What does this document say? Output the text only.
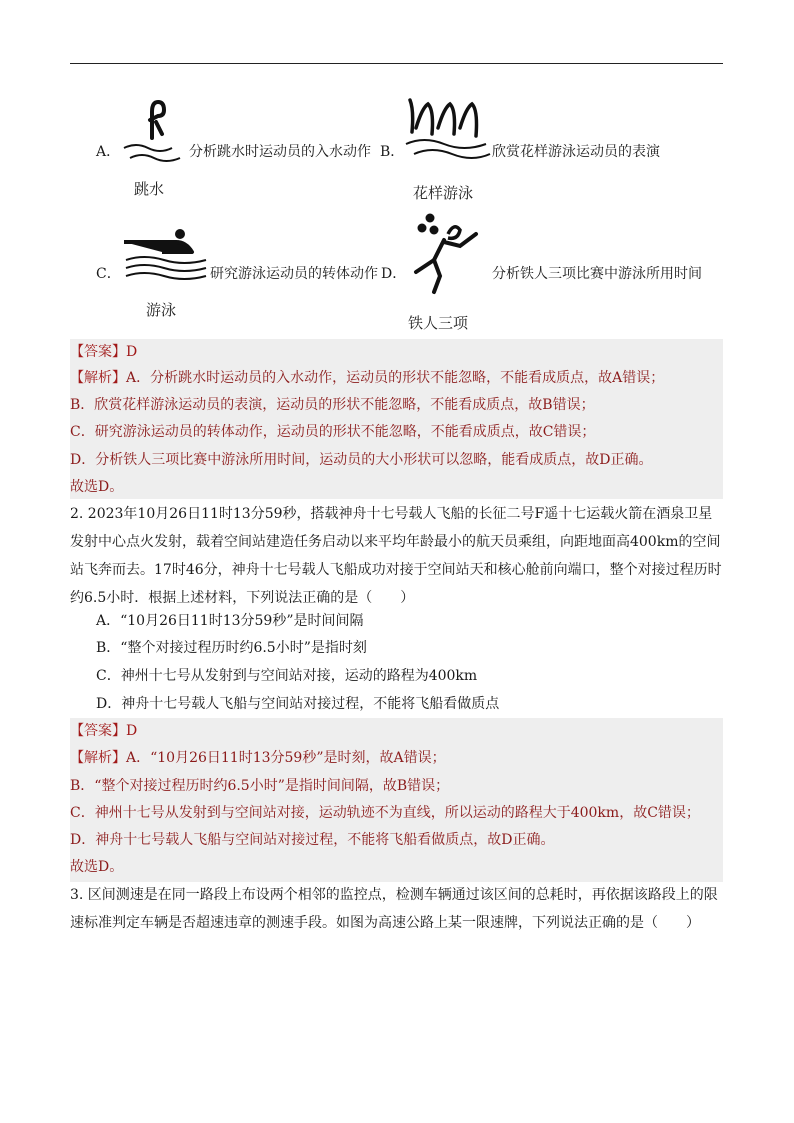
A．	分析跳水时运动员的入水动作
跳水
B．	欣赏花样游泳运动员的表演
花样游泳
C．	研究游泳运动员的转体动作
游泳
D．	分析铁人三项比赛中游泳所用时间
铁人三项
【答案】D
【解析】A．分析跳水时运动员的入水动作，运动员的形状不能忽略，不能看成质点，故A错误；
B．欣赏花样游泳运动员的表演，运动员的形状不能忽略，不能看成质点，故B错误；
C．研究游泳运动员的转体动作，运动员的形状不能忽略，不能看成质点，故C错误；
D．分析铁人三项比赛中游泳所用时间，运动员的大小形状可以忽略，能看成质点，故D正确。
故选D。
2. 2023年10月26日11时13分59秒，搭载神舟十七号载人飞船的长征二号F遥十七运载火箭在酒泉卫星
发射中心点火发射，载着空间站建造任务启动以来平均年龄最小的航天员乘组，向距地面高400km的空间
站飞奔而去。17时46分，神舟十七号载人飞船成功对接于空间站天和核心舱前向端口，整个对接过程历时
约6.5小时．根据上述材料，下列说法正确的是（　　）
A．“10月26日11时13分59秒”是时间间隔
B．“整个对接过程历时约6.5小时”是指时刻
C．神州十七号从发射到与空间站对接，运动的路程为400km
D．神舟十七号载人飞船与空间站对接过程，不能将飞船看做质点
【答案】D
【解析】A．“10月26日11时13分59秒”是时刻，故A错误；
B．“整个对接过程历时约6.5小时”是指时间间隔，故B错误；
C．神州十七号从发射到与空间站对接，运动轨迹不为直线，所以运动的路程大于400km，故C错误；
D．神舟十七号载人飞船与空间站对接过程，不能将飞船看做质点，故D正确。
故选D。
3. 区间测速是在同一路段上布设两个相邻的监控点，检测车辆通过该区间的总耗时，再依据该路段上的限
速标准判定车辆是否超速违章的测速手段。如图为高速公路上某一限速牌，下列说法正确的是（　　）
